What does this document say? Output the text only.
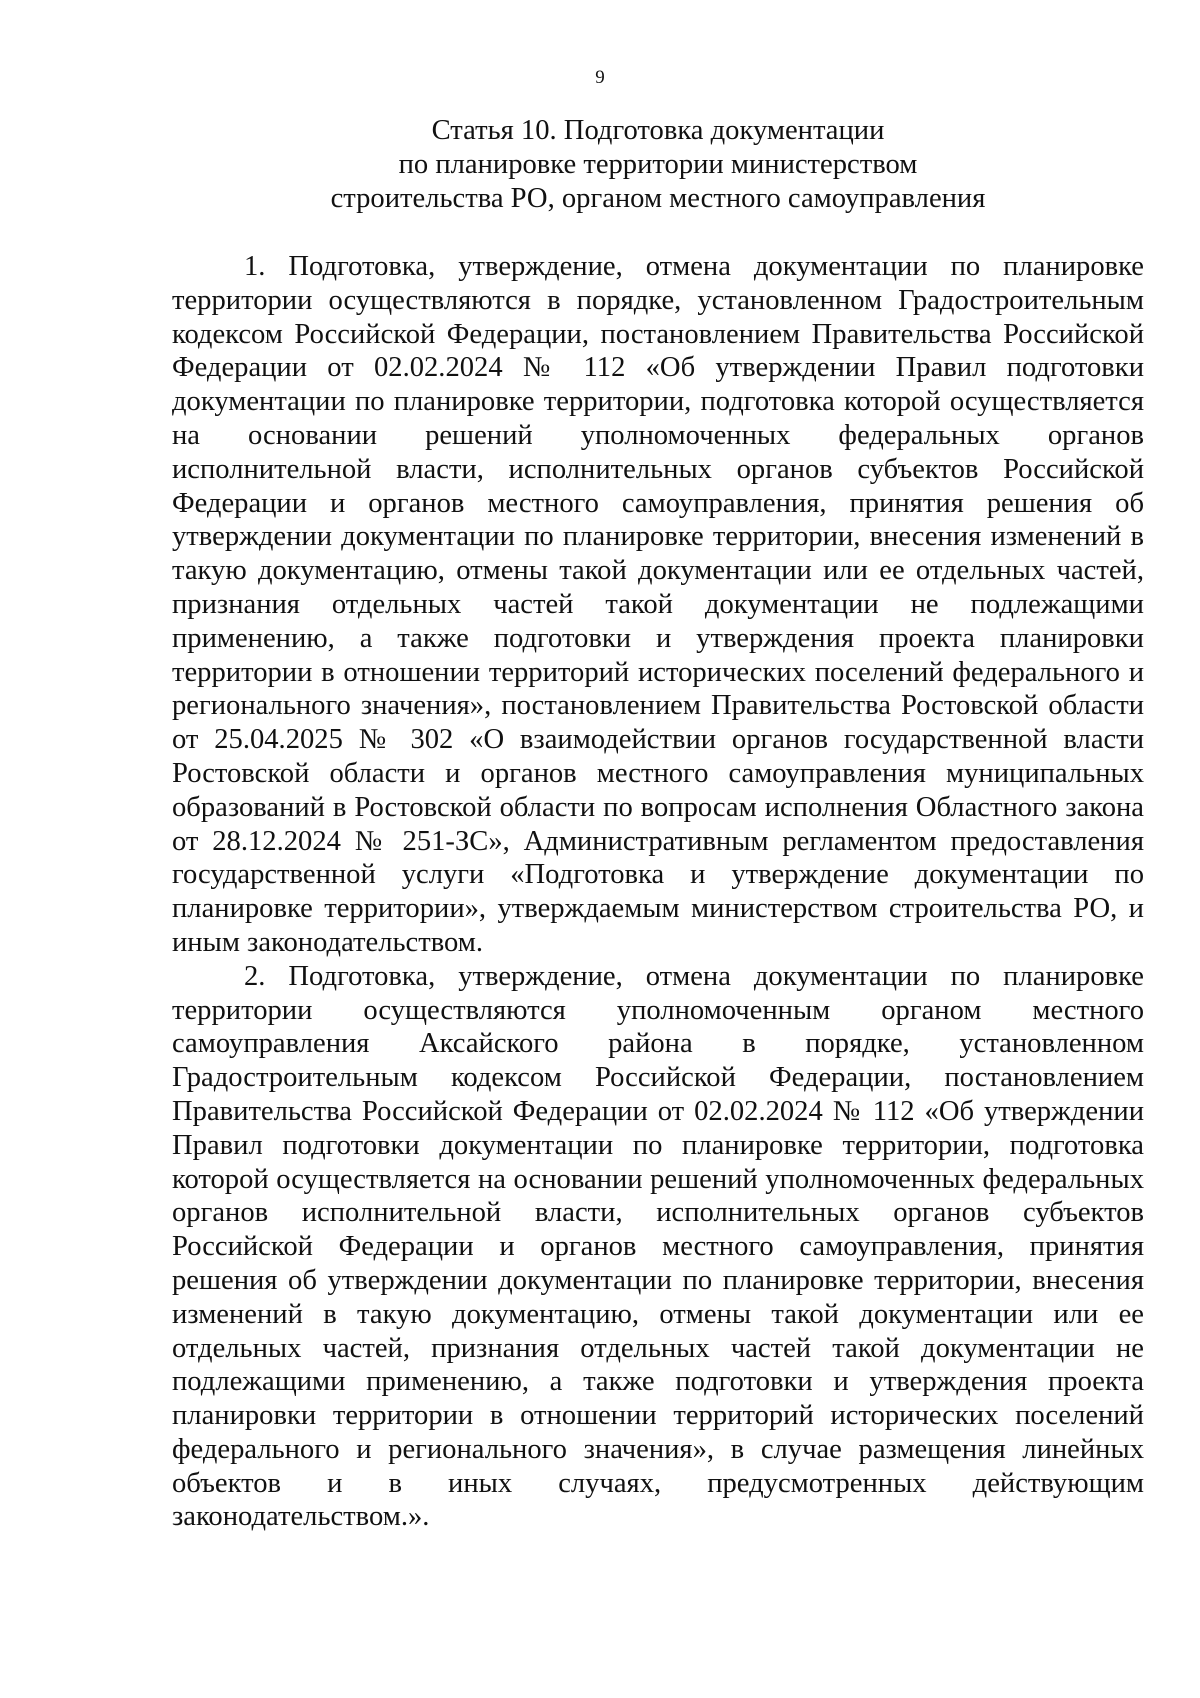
9
Статья 10. Подготовка документации
по планировке территории министерством
строительства РО, органом местного самоуправления

1. Подготовка, утверждение, отмена документации по планировке территории осуществляются в порядке, установленном Градостроительным кодексом Российской Федерации, постановлением Правительства Российской Федерации от 02.02.2024 № 112 «Об утверждении Правил подготовки документации по планировке территории, подготовка которой осуществляется на основании решений уполномоченных федеральных органов исполнительной власти, исполнительных органов субъектов Российской Федерации и органов местного самоуправления, принятия решения об утверждении документации по планировке территории, внесения изменений в такую документацию, отмены такой документации или ее отдельных частей, признания отдельных частей такой документации не подлежащими применению, а также подготовки и утверждения проекта планировки территории в отношении территорий исторических поселений федерального и регионального значения», постановлением Правительства Ростовской области от 25.04.2025 № 302 «О взаимодействии органов государственной власти Ростовской области и органов местного самоуправления муниципальных образований в Ростовской области по вопросам исполнения Областного закона от 28.12.2024 № 251-ЗС», Административным регламентом предоставления государственной услуги «Подготовка и утверждение документации по планировке территории», утверждаемым министерством строительства РО, и иным законодательством.

2. Подготовка, утверждение, отмена документации по планировке территории осуществляются уполномоченным органом местного самоуправления Аксайского района в порядке, установленном Градостроительным кодексом Российской Федерации, постановлением Правительства Российской Федерации от 02.02.2024 № 112 «Об утверждении Правил подготовки документации по планировке территории, подготовка которой осуществляется на основании решений уполномоченных федеральных органов исполнительной власти, исполнительных органов субъектов Российской Федерации и органов местного самоуправления, принятия решения об утверждении документации по планировке территории, внесения изменений в такую документацию, отмены такой документации или ее отдельных частей, признания отдельных частей такой документации не подлежащими применению, а также подготовки и утверждения проекта планировки территории в отношении территорий исторических поселений федерального и регионального значения», в случае размещения линейных объектов и в иных случаях, предусмотренных действующим законодательством.».
